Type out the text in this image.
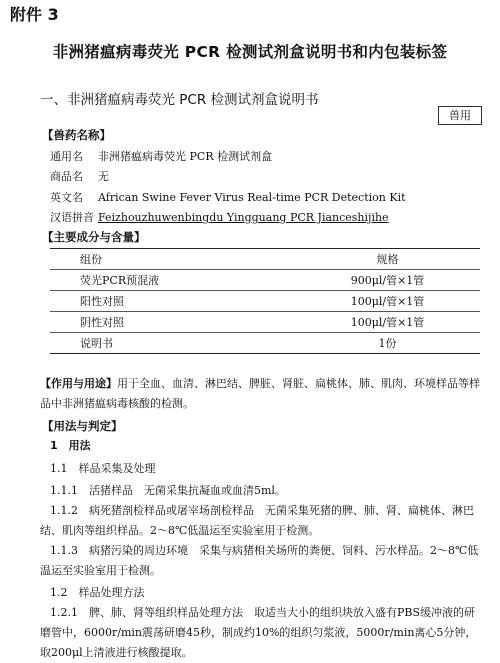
附件 3
非洲猪瘟病毒荧光 PCR 检测试剂盒说明书和内包装标签
一、非洲猪瘟病毒荧光 PCR 检测试剂盒说明书
兽用
【兽药名称】
通用名 非洲猪瘟病毒荧光 PCR 检测试剂盒
商品名 无
英文名 African Swine Fever Virus Real-time PCR Detection Kit
汉语拼音 Feizhouzhuwenbingdu Yingguang PCR Jianceshijihe
【主要成分与含量】
组份	规格
荧光PCR预混液	900μl/管×1管
阳性对照	100μl/管×1管
阴性对照	100μl/管×1管
说明书	1份
【作用与用途】用于全血、血清、淋巴结、脾脏、肾脏、扁桃体、肺、肌肉、环境样品等样品中非洲猪瘟病毒核酸的检测。
【用法与判定】
1　用法
1.1　样品采集及处理
1.1.1　活猪样品　无菌采集抗凝血或血清5ml。
1.1.2　病死猪剖检样品或屠宰场剖检样品　无菌采集死猪的脾、肺、肾、扁桃体、淋巴结、肌肉等组织样品。2～8℃低温运至实验室用于检测。
1.1.3　病猪污染的周边环境　采集与病猪相关场所的粪便、饲料、污水样品。2～8℃低温运至实验室用于检测。
1.2　样品处理方法
1.2.1　脾、肺、肾等组织样品处理方法　取适当大小的组织块放入盛有PBS缓冲液的研磨管中，6000r/min震荡研磨45秒，制成约10%的组织匀浆液，5000r/min离心5分钟，取200μl上清液进行核酸提取。
